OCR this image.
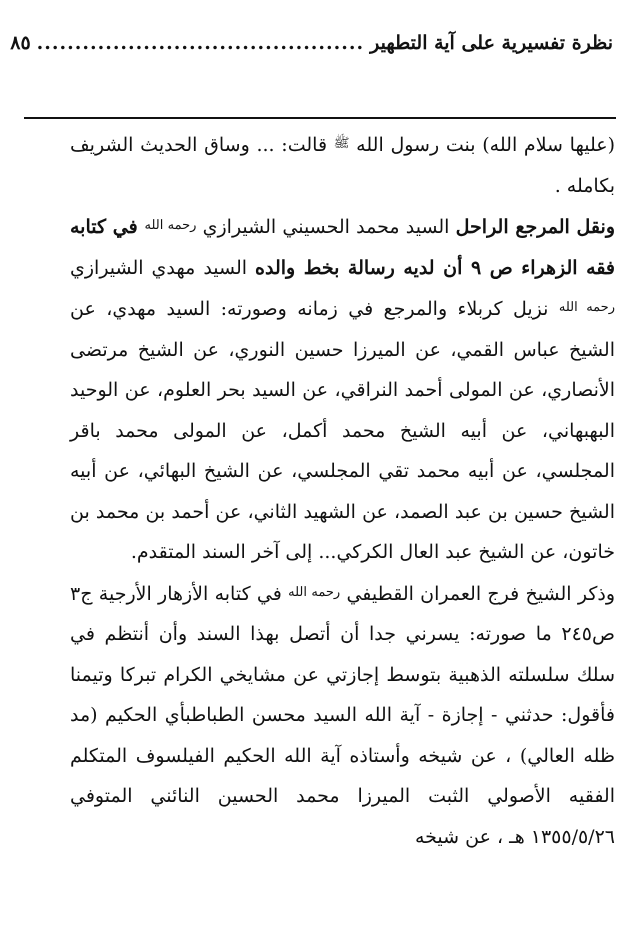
نظرة تفسيرية على آية التطهير
...........................................
٨٥

(عليها سلام الله) بنت رسول الله $^ﷺ$ قالت: ... وساق الحديث الشريف بكامله .

ونقل المرجع الراحل السيد محمد الحسيني الشيرازي $^{رحمه الله}$ في كتابه فقه الزهراء ص ٩ أن لديه رسالة بخط والده السيد مهدي الشيرازي $^{رحمه الله}$ نزيل كربلاء والمرجع في زمانه وصورته: السيد مهدي، عن الشيخ عباس القمي، عن الميرزا حسين النوري، عن الشيخ مرتضى الأنصاري، عن المولى أحمد النراقي، عن السيد بحر العلوم، عن الوحيد البهبهاني، عن أبيه الشيخ محمد أكمل، عن المولى محمد باقر المجلسي، عن أبيه محمد تقي المجلسي، عن الشيخ البهائي، عن أبيه الشيخ حسين بن عبد الصمد، عن الشهيد الثاني، عن أحمد بن محمد بن خاتون، عن الشيخ عبد العال الكركي... إلى آخر السند المتقدم.

وذكر الشيخ فرج العمران القطيفي $^{رحمه الله}$ في كتابه الأزهار الأرجية ج٣ ص٢٤٥ ما صورته: يسرني جدا أن أتصل بهذا السند وأن أنتظم في سلك سلسلته الذهبية بتوسط إجازتي عن مشايخي الكرام تبركا وتيمنا فأقول: حدثني - إجازة - آية الله السيد محسن الطباطبأي الحكيم (مد ظله العالي) ، عن شيخه وأستاذه آية الله الحكيم الفيلسوف المتكلم الفقيه الأصولي الثبت الميرزا محمد الحسين النائني المتوفي ١٣٥٥/٥/٢٦ هـ ، عن شيخه
